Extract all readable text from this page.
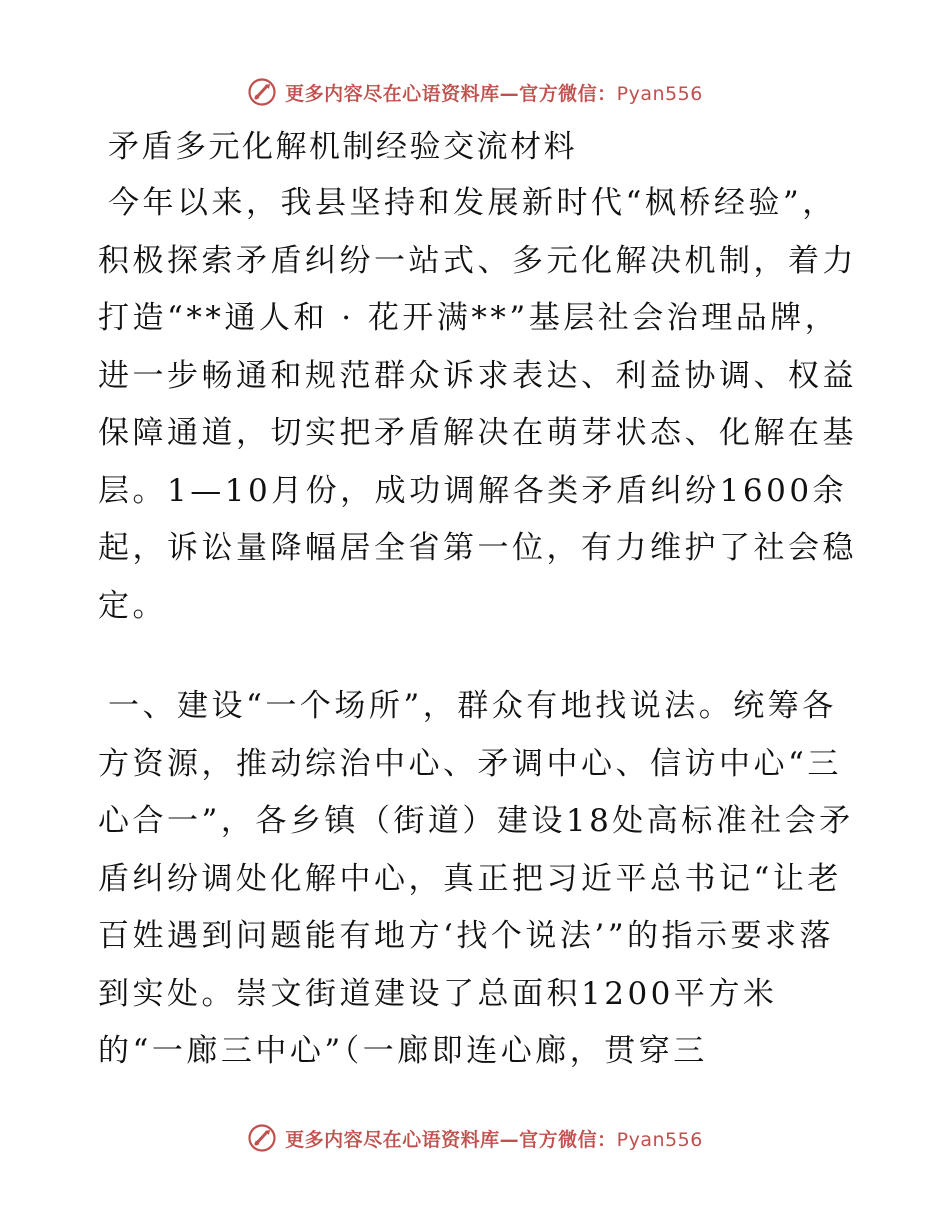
更多内容尽在心语资料库—官方微信：Pyan556
矛盾多元化解机制经验交流材料

今年以来，我县坚持和发展新时代“枫桥经验”，积极探索矛盾纠纷一站式、多元化解决机制，着力打造“**通人和 · 花开满**”基层社会治理品牌，进一步畅通和规范群众诉求表达、利益协调、权益保障通道，切实把矛盾解决在萌芽状态、化解在基层。1—10月份，成功调解各类矛盾纠纷1600余起，诉讼量降幅居全省第一位，有力维护了社会稳定。

一、建设“一个场所”，群众有地找说法。统筹各方资源，推动综治中心、矛调中心、信访中心“三心合一”，各乡镇（街道）建设18处高标准社会矛盾纠纷调处化解中心，真正把习近平总书记“让老百姓遇到问题能有地方‘找个说法’”的指示要求落到实处。崇文街道建设了总面积1200平方米的“一廊三中心”（一廊即连心廊，贯穿三

更多内容尽在心语资料库—官方微信：Pyan556
